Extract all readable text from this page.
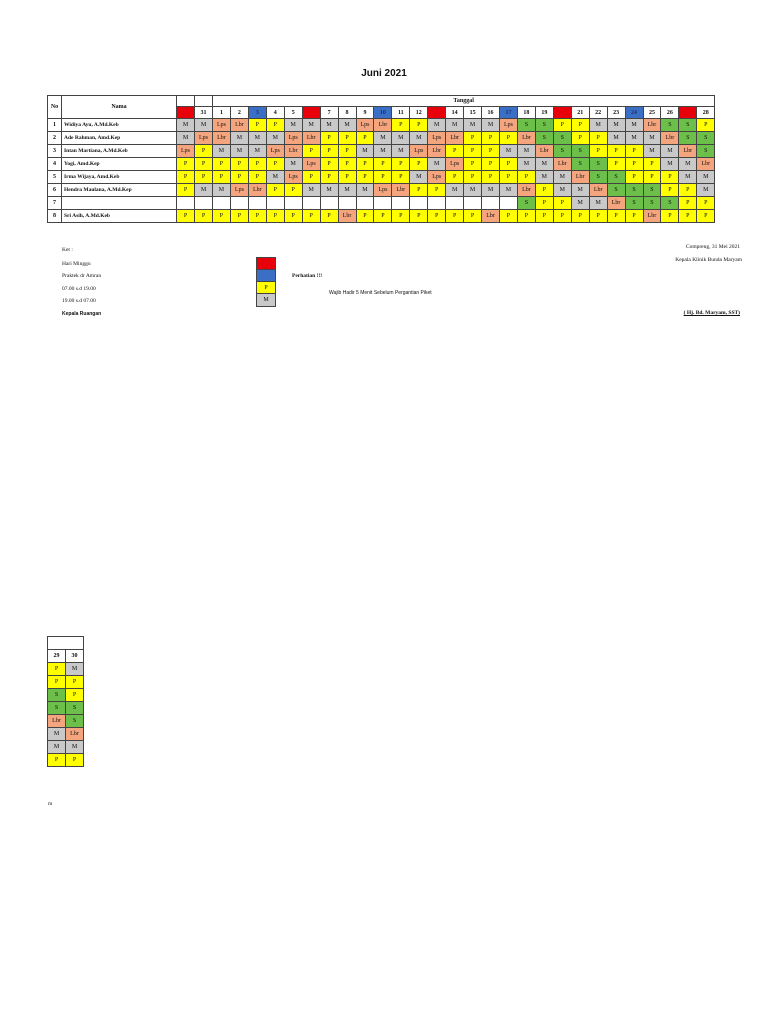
Juni 2021
No	Nama			Tanggal																											
		30	31	1	2	3	4	5	6	7	8	9	10	11	12	13	14	15	16	17	18	19	20	21	22	23	24	25	26	27	28
1	Widiya Ayu, A.Md.Keb	M	M	Lps	Lbr	P	P	M	M	M	M	Lps	Lbr	P	P	M	M	M	M	Lps	S	S	P	P	M	M	M	Lbr	S	S	P
2	Ade Rahman, Amd.Kep	M	Lps	Lbr	M	M	M	Lps	Lbr	P	P	P	M	M	M	Lps	Lbr	P	P	P	Lbr	S	S	P	P	M	M	M	Lbr	S	S
3	Intan Martiana, A.Md.Keb	Lps	P	M	M	M	Lps	Lbr	P	P	P	M	M	M	Lps	Lbr	P	P	P	M	M	Lbr	S	S	P	P	P	M	M	Lbr	S
4	Yogi, Amd.Kep	P	P	P	P	P	P	M	Lps	P	P	P	P	P	P	M	Lps	P	P	P	M	M	Lbr	S	S	P	P	P	M	M	Lbr
5	Irma Wijaya, Amd.Keb	P	P	P	P	P	M	Lps	P	P	P	P	P	P	M	Lps	P	P	P	P	P	M	M	Lbr	S	S	P	P	P	M	M
6	Hendra Maulana, A.Md.Kep	P	M	M	Lps	Lbr	P	P	M	M	M	M	Lps	Lbr	P	P	M	M	M	M	Lbr	P	M	M	Lbr	S	S	S	P	P	M
7																					S	P	P	M	M	Lbr	S	S	S	P	P
8	Sri Asih, A.Md.Keb	P	P	P	P	P	P	P	P	P	Lbr	P	P	P	P	P	P	P	Lbr	P	P	P	P	P	P	P	P	Lbr	P	P	P
Ket :
Hari Minggu
Praktek dr Amran
07.00 s.d 19.00
19.00 s.d 07.00
Kepala Ruangan
P
M
Perhatian !!!
Wajib Hadir 5 Menit Sebelum Pergantian Piket
Compreng, 31 Mei 2021
Kepala Klinik Bunda Maryam
( Hj. Bd. Maryam, SST)

29	30
P	M
P	P
S	P
S	S
Lbr	S
M	Lbr
M	M
P	P
m
